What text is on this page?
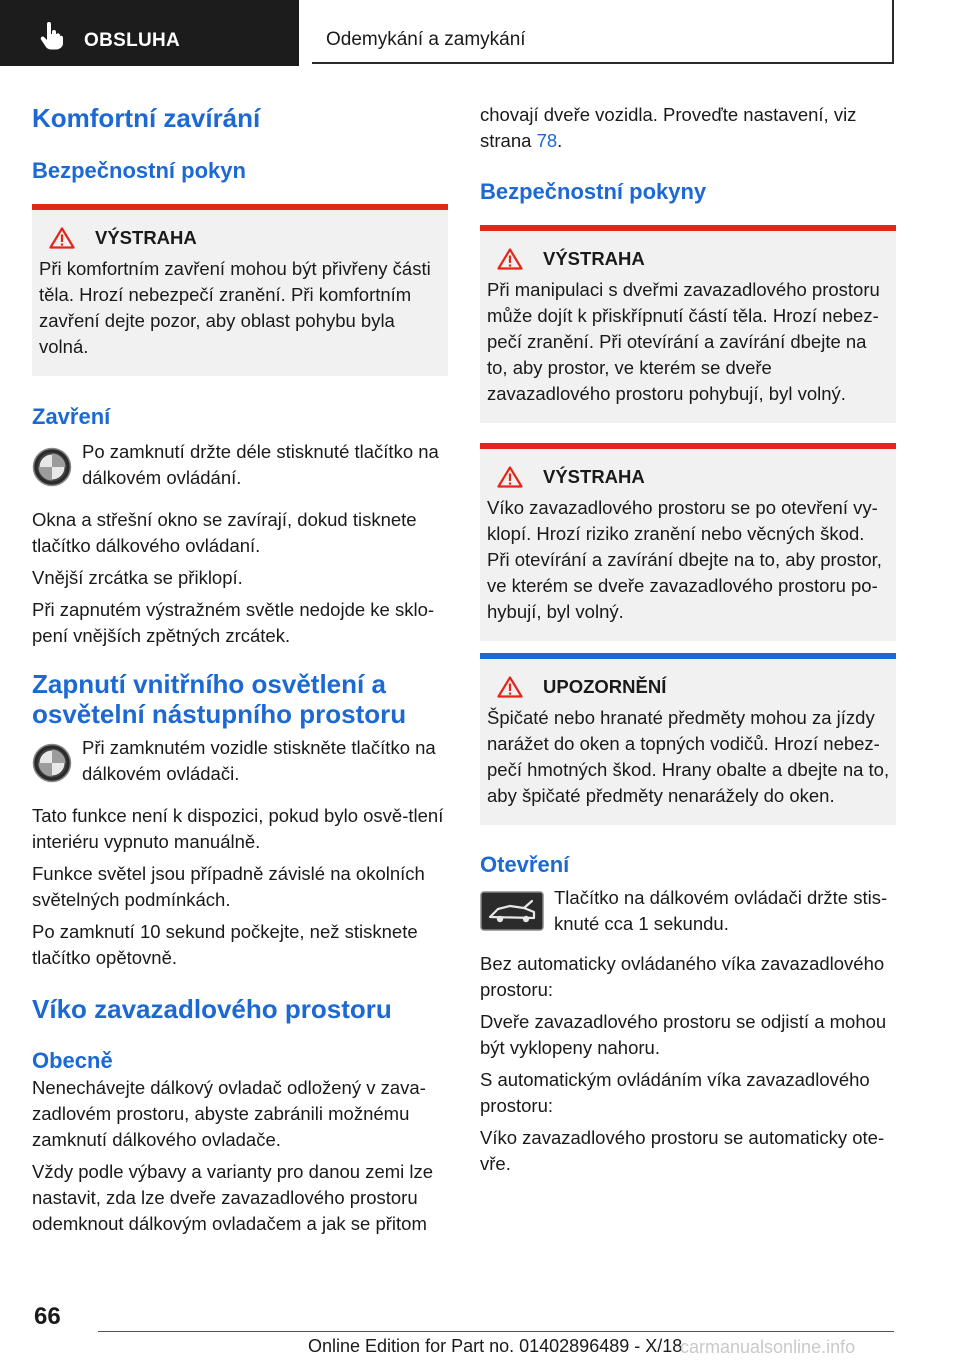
OBSLUHA	Odemykání a zamykání
Komfortní zavírání
Bezpečnostní pokyn
VÝSTRAHA

Při komfortním zavření mohou být přivřeny části těla. Hrozí nebezpečí zranění. Při komfortním zavření dejte pozor, aby oblast pohybu byla volná.

Zavření

Po zamknutí držte déle stisknuté tlačítko na dálkovém ovládání.

Okna a střešní okno se zavírají, dokud tisknete tlačítko dálkového ovládaní.

Vnější zrcátka se přiklopí.

Při zapnutém výstražném světle nedojde ke sklo‐pení vnějších zpětných zrcátek.

Zapnutí vnitřního osvětlení a osvětelní nástupního prostoru

Při zamknutém vozidle stiskněte tlačítko na dálkovém ovládači.

Tato funkce není k dispozici, pokud bylo osvě‐tlení interiéru vypnuto manuálně.

Funkce světel jsou případně závislé na okolních světelných podmínkách.

Po zamknutí 10 sekund počkejte, než stisknete tlačítko opětovně.

Víko zavazadlového prostoru
Obecně

Nenechávejte dálkový ovladač odložený v zava‐zadlovém prostoru, abyste zabránili možnému zamknutí dálkového ovladače.

Vždy podle výbavy a varianty pro danou zemi lze nastavit, zda lze dveře zavazadlového prostoru odemknout dálkovým ovladačem a jak se přitom

chovají dveře vozidla. Proveďte nastavení, viz strana 78.

Bezpečnostní pokyny
VÝSTRAHA

Při manipulaci s dveřmi zavazadlového prostoru může dojít k přiskřípnutí částí těla. Hrozí nebez‐pečí zranění. Při otevírání a zavírání dbejte na to, aby prostor, ve kterém se dveře zavazadlového prostoru pohybují, byl volný.

VÝSTRAHA

Víko zavazadlového prostoru se po otevření vy‐klopí. Hrozí riziko zranění nebo věcných škod. Při otevírání a zavírání dbejte na to, aby prostor, ve kterém se dveře zavazadlového prostoru po‐hybují, byl volný.

UPOZORNĚNÍ

Špičaté nebo hranaté předměty mohou za jízdy narážet do oken a topných vodičů. Hrozí nebez‐pečí hmotných škod. Hrany obalte a dbejte na to, aby špičaté předměty nenarážely do oken.

Otevření

Tlačítko na dálkovém ovládači držte stis‐knuté cca 1 sekundu.

Bez automaticky ovládaného víka zavazadlového prostoru:

Dveře zavazadlového prostoru se odjistí a mohou být vyklopeny nahoru.

S automatickým ovládáním víka zavazadlového prostoru:

Víko zavazadlového prostoru se automaticky ote‐vře.

66
Online Edition for Part no. 01402896489 - X/18
carmanualsonline.info
